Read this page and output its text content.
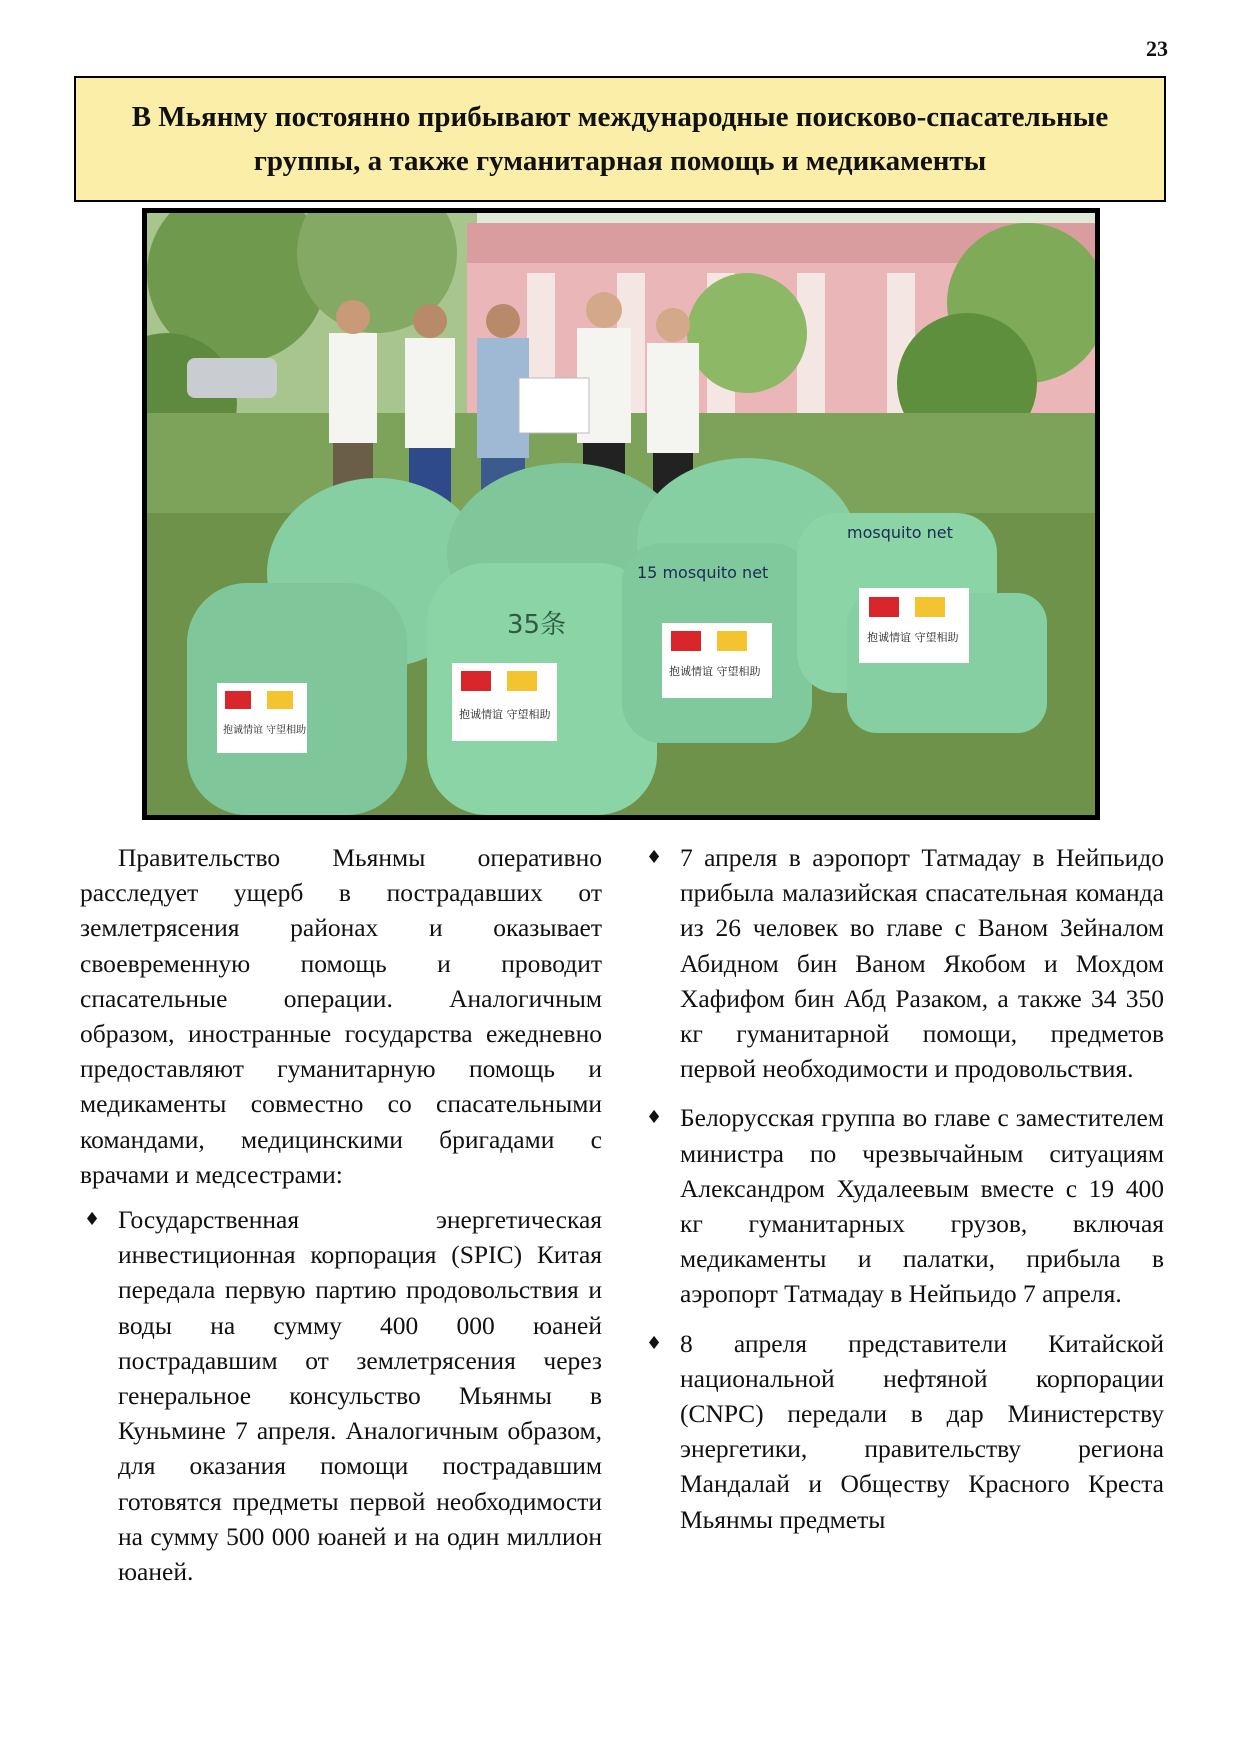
23
В Мьянму постоянно прибывают международные поисково-спасательные группы, а также гуманитарная помощь и медикаменты
抱诚情谊 守望相助
抱诚情谊 守望相助
抱诚情谊 守望相助
抱诚情谊 守望相助
15 mosquito net
mosquito net
35条

Правительство Мьянмы оперативно расследует ущерб в пострадавших от землетрясения районах и оказывает своевременную помощь и проводит спасательные операции. Аналогичным образом, иностранные государства ежедневно предоставляют гуманитарную помощь и медикаменты совместно со спасательными командами, медицинскими бригадами с врачами и медсестрами:

♦ Государственная энергетическая инвестиционная корпорация (SPIC) Китая передала первую партию продовольствия и воды на сумму 400 000 юаней пострадавшим от землетрясения через генеральное консульство Мьянмы в Куньмине 7 апреля. Аналогичным образом, для оказания помощи пострадавшим готовятся предметы первой необходимости на сумму 500 000 юаней и на один миллион юаней.
♦ 7 апреля в аэропорт Татмадау в Нейпьидо прибыла малазийская спасательная команда из 26 человек во главе с Ваном Зейналом Абидном бин Ваном Якобом и Мохдом Хафифом бин Абд Разаком, а также 34 350 кг гуманитарной помощи, предметов первой необходимости и продовольствия.
♦ Белорусская группа во главе с заместителем министра по чрезвычайным ситуациям Александром Худалеевым вместе с 19 400 кг гуманитарных грузов, включая медикаменты и палатки, прибыла в аэропорт Татмадау в Нейпьидо 7 апреля.
♦ 8 апреля представители Китайской национальной нефтяной корпорации (CNPC) передали в дар Министерству энергетики, правительству региона Мандалай и Обществу Красного Креста Мьянмы предметы
